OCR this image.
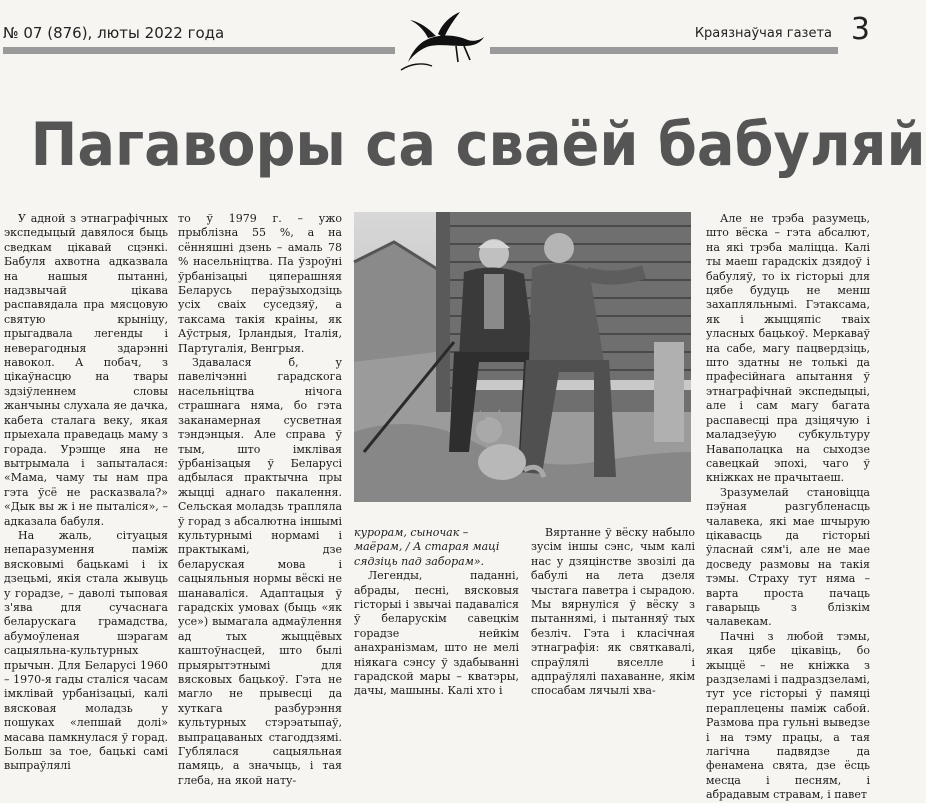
№ 07 (876), люты 2022 года	Краязнаўчая газета 3
Пагаворы са сваёй бабуляй

У адной з этнаграфічных экспедыцый давялося быць сведкам цікавай сцэнкі. Бабуля ахвотна адказвала на нашыя пытанні, надзвычай цікава распавядала пра мясцовую святую крыніцу, прыгадвала легенды і неверагодныя здарэнні навокол. А побач, з цікаўнасцю на твары здзіўленнем словы жанчыны слухала яе дачка, кабета сталага веку, якая прыехала праведаць маму з горада. Урэшце яна не вытрымала і запыталася: «Мама, чаму ты нам пра гэта ўсё не расказвала?» «Дык вы ж і не пыталіся», – адказала бабуля.

На жаль, сітуацыя непаразумення паміж вясковымі бацькамі і іх дзецьмі, якія стала жывуць у горадзе, – даволі тыповая з'ява для сучаснага беларускага грамадства, абумоўленая шэрагам сацыяльна-культурных прычын. Для Беларусі 1960 – 1970-я гады сталіся часам імклівай урбанізацыі, калі вясковая моладзь у пошуках «лепшай долі» масава памкнулася ў горад. Больш за тое, бацькі самі выпраўлялі

то ў 1979 г. – ужо прыблізна 55 %, а на сённяшні дзень – амаль 78 % насельніцтва. Па ўзроўні ўрбанізацыі цяперашняя Беларусь пераўзыходзіць усіх сваіх суседзяў, а таксама такія краіны, як Аўстрыя, Ірландыя, Італія, Партугалія, Венгрыя.

Здавалася б, у павелічэнні гарадскога насельніцтва нічога страшнага няма, бо гэта заканамерная сусветная тэндэнцыя. Але справа ў тым, што імклівая ўрбанізацыя ў Беларусі адбылася практычна пры жыцці аднаго пакалення. Сельская моладзь трапляла ў горад з абсалютна іншымі культурнымі нормамі і практыкамі, дзе беларуская мова і сацыяльныя нормы вёскі не шанаваліся. Адаптацыя ў гарадскіх умовах (быць «як усе») вымагала адмаўлення ад тых жыццёвых каштоўнасцей, што былі прыярытэтнымі для вясковых бацькоў. Гэта не магло не прывесці да хуткага разбурэння культурных стэрэатыпаў, выпрацаваных стагоддзямі. Гублялася сацыяльная памяць, а значыць, і тая глеба, на якой нату-

курорам, сыночак – маёрам, / А старая маці сядзіць пад заборам».

Легенды, паданні, абрады, песні, вясковыя гісторыі і звычаі падаваліся ў беларускім савецкім горадзе нейкім анахранізмам, што не мелі ніякага сэнсу ў здабыванні гарадской мары – кватэры, дачы, машыны. Калі хто і

Вяртанне ў вёску набыло зусім іншы сэнс, чым калі нас у дзяцінстве звозілі да бабулі на лета дзеля чыстага паветра і сырадою. Мы вярнуліся ў вёску з пытаннямі, і пытанняў тых безліч. Гэта і класічная этнаграфія: як святкавалі, спраўлялі вяселле і адпраўлялі пахаванне, якім спосабам лячылі хва-

Але не трэба разумець, што вёска – гэта абсалют, на які трэба маліцца. Калі ты маеш гарадскіх дзядоў і бабуляў, то іх гісторыі для цябе будуць не менш захапляльнымі. Гэтаксама, як і жыццяпіс тваіх уласных бацькоў. Меркаваў на сабе, магу пацвердзіць, што здатны не толькі да прафесійнага апытання ў этнаграфічнай экспедыцыі, але і сам магу багата распавесці пра дзіцячую і маладзеўую субкультуру Наваполацка на сыходзе савецкай эпохі, чаго ў кніжках не прачытаеш.

Зразумелай становіцца пэўная разгубленасць чалавека, які мае шчырую цікавасць да гісторыі ўласнай сям'і, але не мае досведу размовы на такія тэмы. Страху тут няма – варта проста пачаць гаварыць з блізкім чалавекам.

Пачні з любой тэмы, якая цябе цікавіць, бо жыццё – не кніжка з раздзеламі і падраздзеламі, тут усе гісторыі ў памяці пераплецены паміж сабой. Размова пра гульні выведзе і на тэму працы, а тая лагічна падвядзе да фенамена свята, дзе ёсць месца і песням, і абрадавым стравам, і павет
